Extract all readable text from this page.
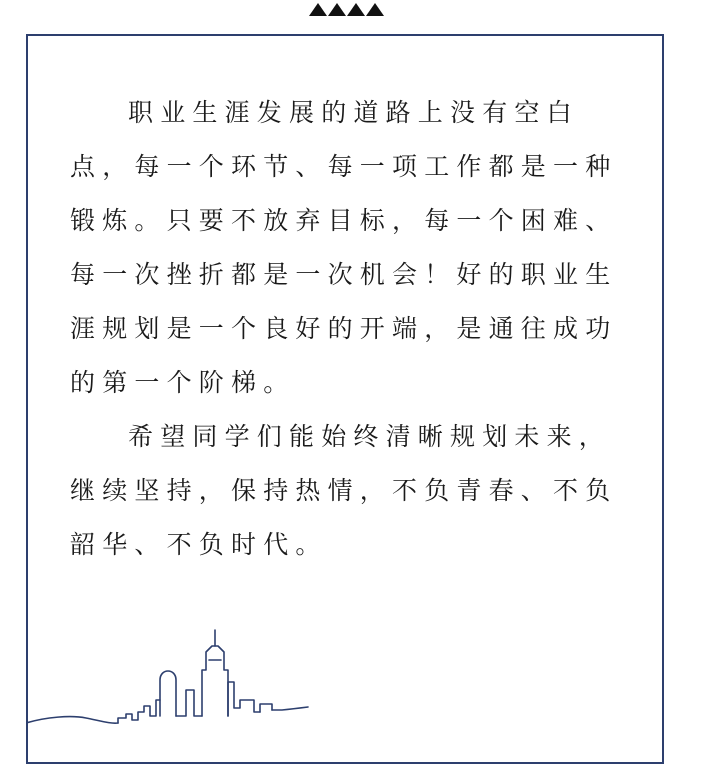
职业生涯发展的道路上没有空白点，每一个环节、每一项工作都是一种锻炼。只要不放弃目标，每一个困难、每一次挫折都是一次机会！好的职业生涯规划是一个良好的开端，是通往成功的第一个阶梯。

希望同学们能始终清晰规划未来，继续坚持，保持热情，不负青春、不负韶华、不负时代。
